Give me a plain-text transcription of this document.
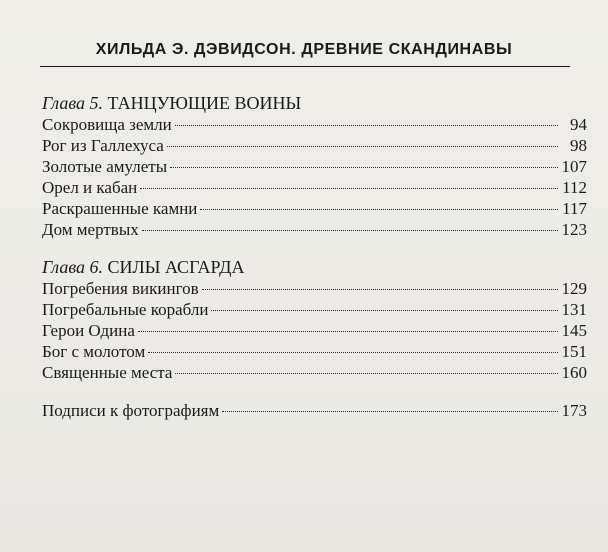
ХИЛЬДА Э. ДЭВИДСОН. ДРЕВНИЕ СКАНДИНАВЫ
Глава 5. ТАНЦУЮЩИЕ ВОИНЫ
Сокровища земли	94
Рог из Галлехуса	98
Золотые амулеты	107
Орел и кабан	112
Раскрашенные камни	117
Дом мертвых	123
Глава 6. СИЛЫ АСГАРДА
Погребения викингов	129
Погребальные корабли	131
Герои Одина	145
Бог с молотом	151
Священные места	160
Подписи к фотографиям	173
